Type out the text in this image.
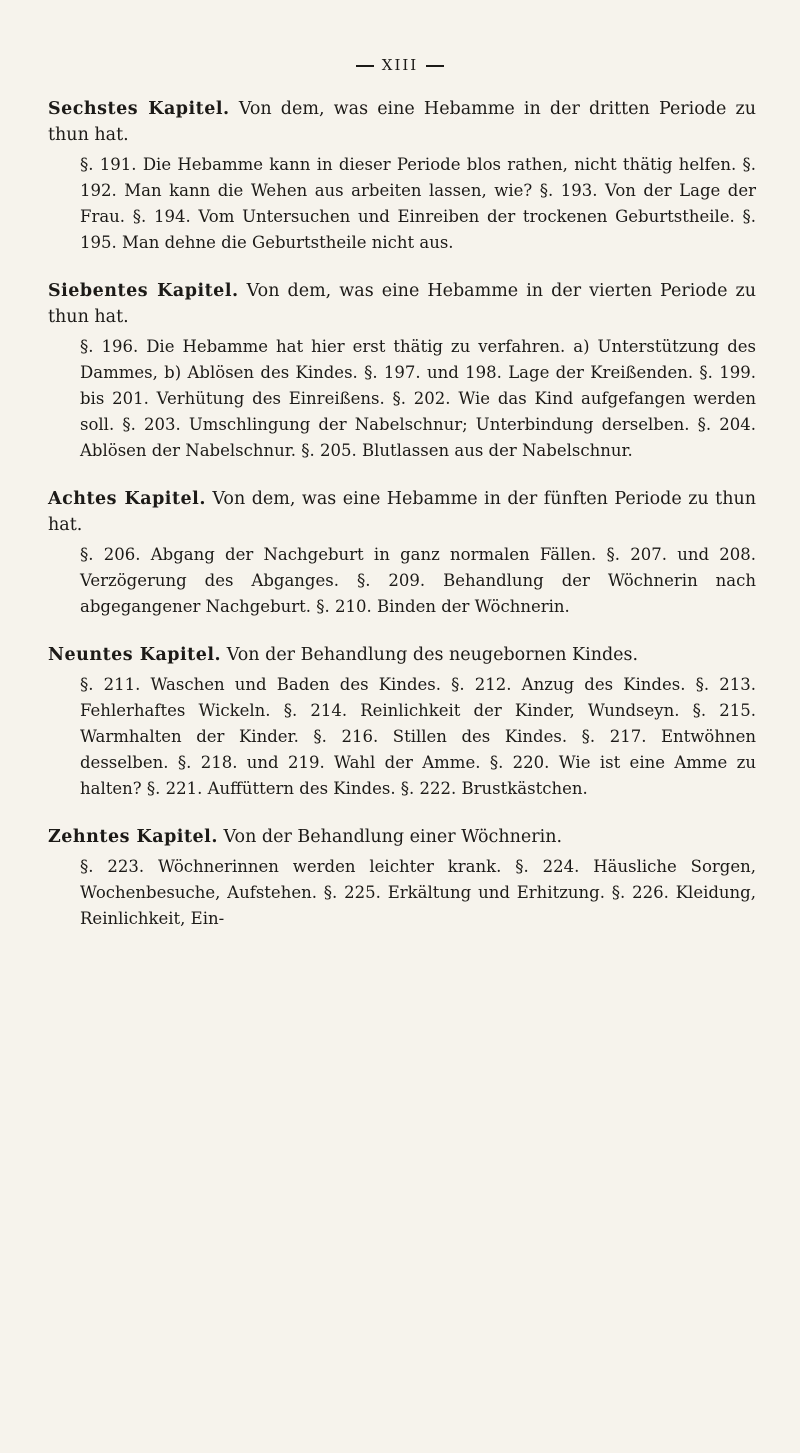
XIII

Sechstes Kapitel. Von dem, was eine Hebamme in der dritten Periode zu thun hat.

§. 191. Die Hebamme kann in dieser Periode blos rathen, nicht thätig helfen. §. 192. Man kann die Wehen aus arbeiten lassen, wie? §. 193. Von der Lage der Frau. §. 194. Vom Untersuchen und Einreiben der trockenen Geburtstheile. §. 195. Man dehne die Geburtstheile nicht aus.

Siebentes Kapitel. Von dem, was eine Hebamme in der vierten Periode zu thun hat.

§. 196. Die Hebamme hat hier erst thätig zu verfahren. a) Unterstützung des Dammes, b) Ablösen des Kindes. §. 197. und 198. Lage der Kreißenden. §. 199. bis 201. Verhütung des Einreißens. §. 202. Wie das Kind aufgefangen werden soll. §. 203. Umschlingung der Nabelschnur; Unterbindung derselben. §. 204. Ablösen der Nabelschnur. §. 205. Blutlassen aus der Nabelschnur.

Achtes Kapitel. Von dem, was eine Hebamme in der fünften Periode zu thun hat.

§. 206. Abgang der Nachgeburt in ganz normalen Fällen. §. 207. und 208. Verzögerung des Abganges. §. 209. Behandlung der Wöchnerin nach abgegangener Nachgeburt. §. 210. Binden der Wöchnerin.

Neuntes Kapitel. Von der Behandlung des neugebornen Kindes.

§. 211. Waschen und Baden des Kindes. §. 212. Anzug des Kindes. §. 213. Fehlerhaftes Wickeln. §. 214. Reinlichkeit der Kinder, Wundseyn. §. 215. Warmhalten der Kinder. §. 216. Stillen des Kindes. §. 217. Entwöhnen desselben. §. 218. und 219. Wahl der Amme. §. 220. Wie ist eine Amme zu halten? §. 221. Auffüttern des Kindes. §. 222. Brustkästchen.

Zehntes Kapitel. Von der Behandlung einer Wöchnerin.

§. 223. Wöchnerinnen werden leichter krank. §. 224. Häusliche Sorgen, Wochenbesuche, Aufstehen. §. 225. Erkältung und Erhitzung. §. 226. Kleidung, Reinlichkeit, Ein-
